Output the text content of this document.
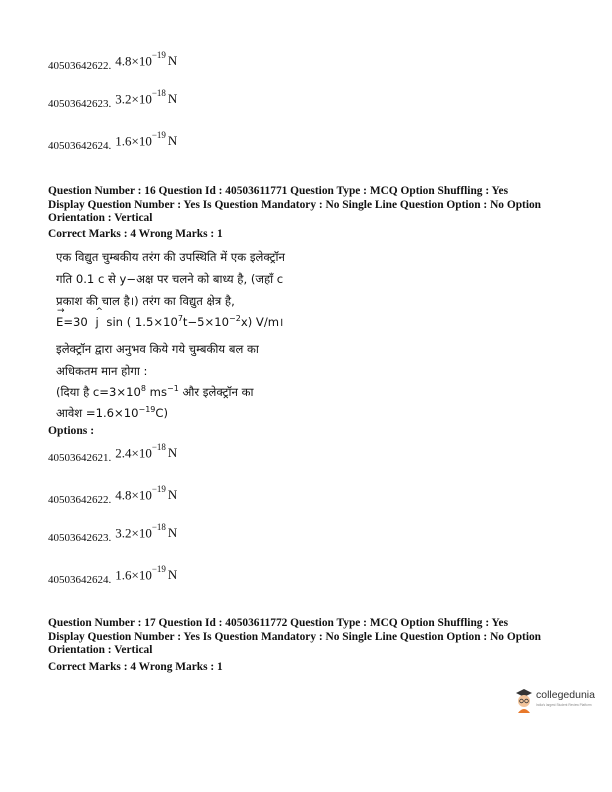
40503642622. $4.8\times 10^{-19}$ N
40503642623. $3.2\times 10^{-18}$ N
40503642624. $1.6\times 10^{-19}$ N
Question Number : 16 Question Id : 40503611771 Question Type : MCQ Option Shuffling : Yes
Display Question Number : Yes Is Question Mandatory : No Single Line Question Option : No Option
Orientation : Vertical
Correct Marks : 4 Wrong Marks : 1
एक विद्युत चुम्बकीय तरंग की उपस्थिति में एक इलेक्ट्रॉन
गति 0.1 c से y−अक्ष पर चलने को बाध्य है, (जहाँ c
प्रकाश की चाल है।) तरंग का विद्युत क्षेत्र है,
→
E=30
^
j sin ( $1.5\times 10^7t-5\times 10^{-2}x$) V/m।
इलेक्ट्रॉन द्वारा अनुभव किये गये चुम्बकीय बल का
अधिकतम मान होगा :
(दिया है $c=3\times 10^8$ $ms^{-1}$ और इलेक्ट्रॉन का
आवेश $=1.6\times 10^{-19}C$)
Options :
40503642621. $2.4\times 10^{-18}$ N
40503642622. $4.8\times 10^{-19}$ N
40503642623. $3.2\times 10^{-18}$ N
40503642624. $1.6\times 10^{-19}$ N
Question Number : 17 Question Id : 40503611772 Question Type : MCQ Option Shuffling : Yes
Display Question Number : Yes Is Question Mandatory : No Single Line Question Option : No Option
Orientation : Vertical
Correct Marks : 4 Wrong Marks : 1
collegedunia
India's largest Student Review Platform
